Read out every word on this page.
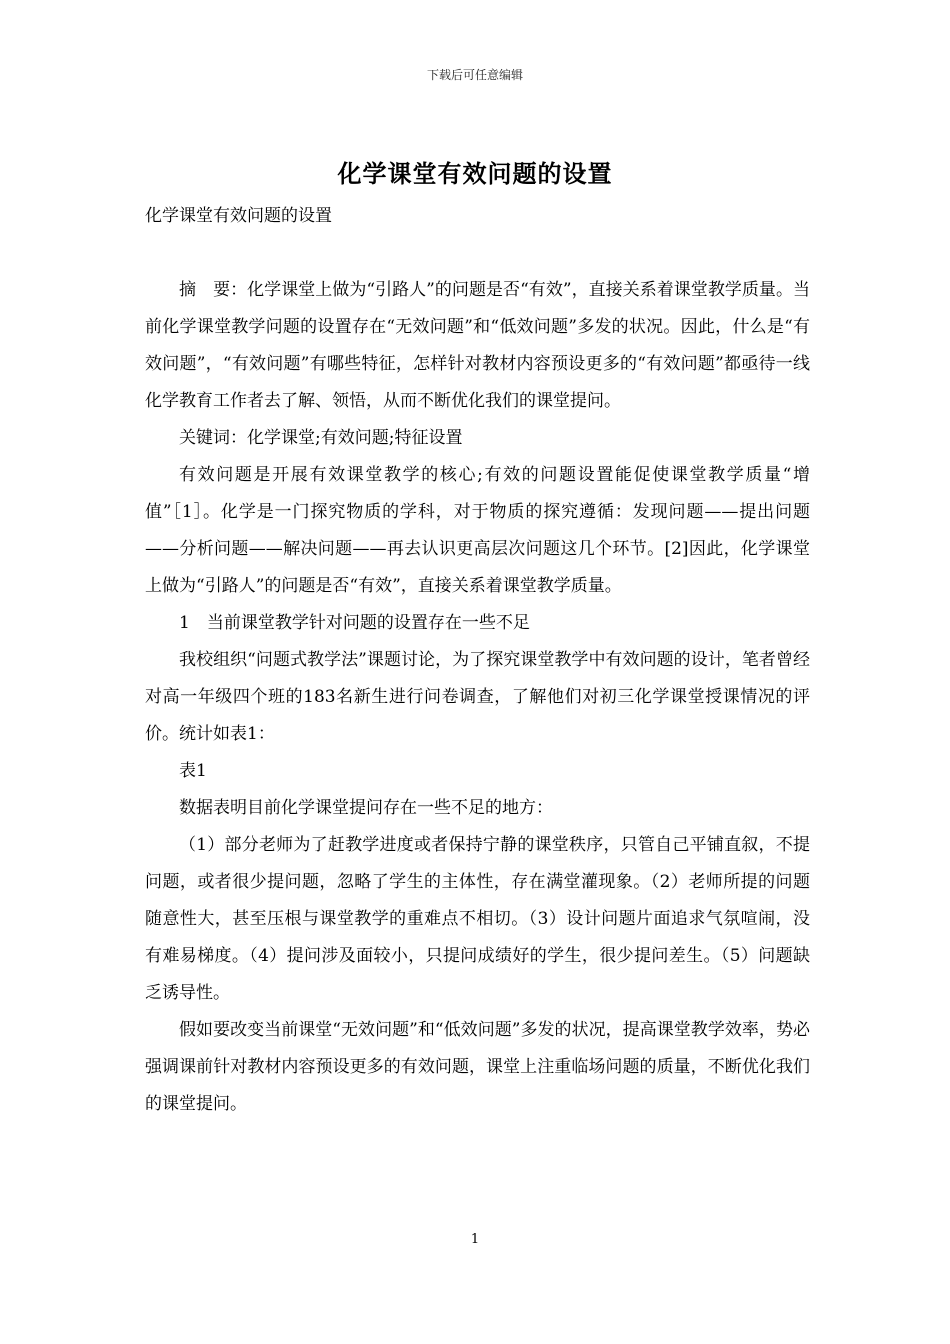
下载后可任意编辑
化学课堂有效问题的设置

化学课堂有效问题的设置

摘　要：化学课堂上做为“引路人”的问题是否“有效”，直接关系着课堂教学质量。当前化学课堂教学问题的设置存在“无效问题”和“低效问题”多发的状况。因此，什么是“有效问题”，“有效问题”有哪些特征，怎样针对教材内容预设更多的“有效问题”都亟待一线化学教育工作者去了解、领悟，从而不断优化我们的课堂提问。

关键词：化学课堂;有效问题;特征设置

有效问题是开展有效课堂教学的核心;有效的问题设置能促使课堂教学质量“增值”［1］。化学是一门探究物质的学科，对于物质的探究遵循：发现问题——提出问题——分析问题——解决问题——再去认识更高层次问题这几个环节。[2]因此，化学课堂上做为“引路人”的问题是否“有效”，直接关系着课堂教学质量。

1　当前课堂教学针对问题的设置存在一些不足

我校组织“问题式教学法”课题讨论，为了探究课堂教学中有效问题的设计，笔者曾经对高一年级四个班的183名新生进行问卷调查，了解他们对初三化学课堂授课情况的评价。统计如表1：

表1

数据表明目前化学课堂提问存在一些不足的地方：

（1）部分老师为了赶教学进度或者保持宁静的课堂秩序，只管自己平铺直叙，不提问题，或者很少提问题，忽略了学生的主体性，存在满堂灌现象。（2）老师所提的问题随意性大，甚至压根与课堂教学的重难点不相切。（3）设计问题片面追求气氛喧闹，没有难易梯度。（4）提问涉及面较小，只提问成绩好的学生，很少提问差生。（5）问题缺乏诱导性。

假如要改变当前课堂“无效问题”和“低效问题”多发的状况，提高课堂教学效率，势必强调课前针对教材内容预设更多的有效问题，课堂上注重临场问题的质量，不断优化我们的课堂提问。

1
